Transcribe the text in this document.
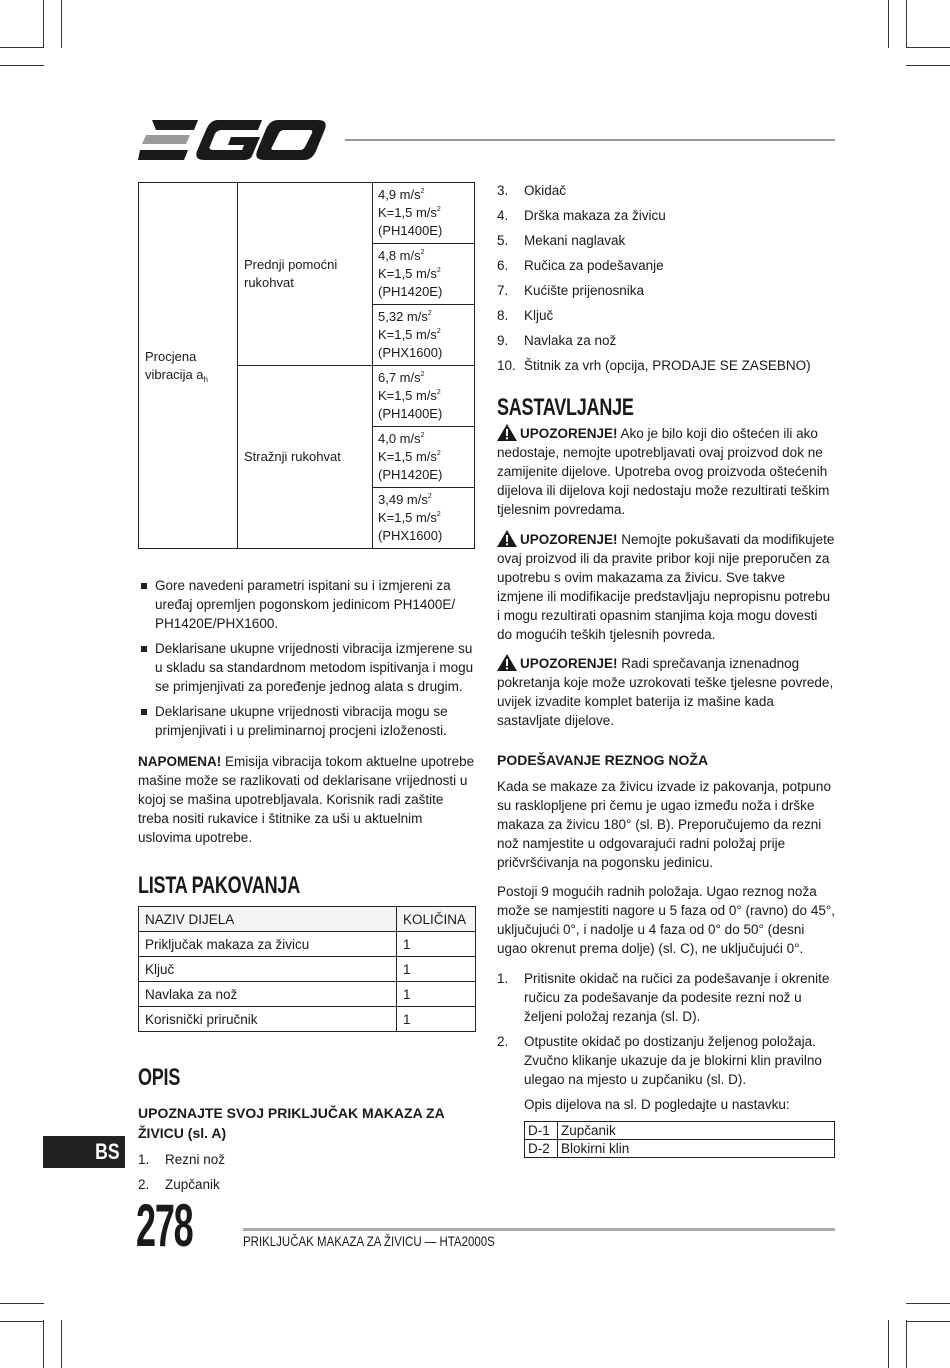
Procjena vibracija $a_h$	Prednji pomoćni rukohvat	4,9 $m/s^2$
K=1,5 $m/s^2$
(PH1400E)
		4,8 $m/s^2$
K=1,5 $m/s^2$
(PH1420E)
		5,32 $m/s^2$
K=1,5 $m/s^2$
(PHX1600)
	Stražnji rukohvat	6,7 $m/s^2$
K=1,5 $m/s^2$
(PH1400E)
		4,0 $m/s^2$
K=1,5 $m/s^2$
(PH1420E)
		3,49 $m/s^2$
K=1,5 $m/s^2$
(PHX1600)
Gore navedeni parametri ispitani su i izmjereni za uređaj opremljen pogonskom jedinicom PH1400E/ PH1420E/PHX1600.
Deklarisane ukupne vrijednosti vibracija izmjerene su u skladu sa standardnom metodom ispitivanja i mogu se primjenjivati za poređenje jednog alata s drugim.
Deklarisane ukupne vrijednosti vibracija mogu se primjenjivati i u preliminarnoj procjeni izloženosti.

NAPOMENA! Emisija vibracija tokom aktuelne upotrebe mašine može se razlikovati od deklarisane vrijednosti u kojoj se mašina upotrebljavala. Korisnik radi zaštite treba nositi rukavice i štitnike za uši u aktuelnim uslovima upotrebe.

LISTA PAKOVANJA
NAZIV DIJELA	KOLIČINA
Priključak makaza za živicu	1
Ključ	1
Navlaka za nož	1
Korisnički priručnik	1
OPIS
UPOZNAJTE SVOJ PRIKLJUČAK MAKAZA ZA ŽIVICU (sl. A)
1. Rezni nož
2. Zupčanik
3. Okidač
4. Drška makaza za živicu
5. Mekani naglavak
6. Ručica za podešavanje
7. Kućište prijenosnika
8. Ključ
9. Navlaka za nož
10. Štitnik za vrh (opcija, PRODAJE SE ZASEBNO)
SASTAVLJANJE

UPOZORENJE! Ako je bilo koji dio oštećen ili ako nedostaje, nemojte upotrebljavati ovaj proizvod dok ne zamijenite dijelove. Upotreba ovog proizvoda oštećenih dijelova ili dijelova koji nedostaju može rezultirati teškim tjelesnim povredama.

UPOZORENJE! Nemojte pokušavati da modifikujete ovaj proizvod ili da pravite pribor koji nije preporučen za upotrebu s ovim makazama za živicu. Sve takve izmjene ili modifikacije predstavljaju nepropisnu potrebu i mogu rezultirati opasnim stanjima koja mogu dovesti do mogućih teških tjelesnih povreda.

UPOZORENJE! Radi sprečavanja iznenadnog pokretanja koje može uzrokovati teške tjelesne povrede, uvijek izvadite komplet baterija iz mašine kada sastavljate dijelove.

PODEŠAVANJE REZNOG NOŽA

Kada se makaze za živicu izvade iz pakovanja, potpuno su rasklopljene pri čemu je ugao između noža i drške makaza za živicu 180° (sl. B). Preporučujemo da rezni nož namjestite u odgovarajući radni položaj prije pričvršćivanja na pogonsku jedinicu.

Postoji 9 mogućih radnih položaja. Ugao reznog noža može se namjestiti nagore u 5 faza od 0° (ravno) do 45°, uključujući 0°, i nadolje u 4 faza od 0° do 50° (desni ugao okrenut prema dolje) (sl. C), ne uključujući 0°.

1. Pritisnite okidač na ručici za podešavanje i okrenite ručicu za podešavanje da podesite rezni nož u željeni položaj rezanja (sl. D).
2. Otpustite okidač po dostizanju željenog položaja. Zvučno klikanje ukazuje da je blokirni klin pravilno ulegao na mjesto u zupčaniku (sl. D).

Opis dijelova na sl. D pogledajte u nastavku:

D-1	Zupčanik
D-2	Blokirni klin
BS
278	PRIKLJUČAK MAKAZA ZA ŽIVICU — HTA2000S
